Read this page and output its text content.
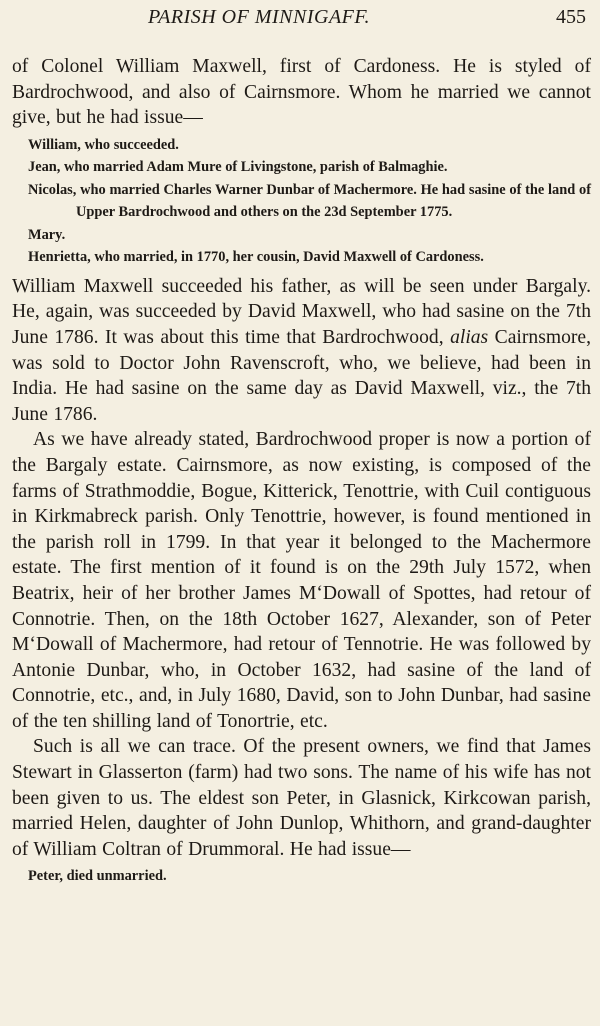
PARISH OF MINNIGAFF.	455

of Colonel William Maxwell, first of Cardoness. He is styled of Bardrochwood, and also of Cairnsmore. Whom he married we cannot give, but he had issue—

William, who succeeded.
Jean, who married Adam Mure of Livingstone, parish of Balmaghie.
Nicolas, who married Charles Warner Dunbar of Machermore. He had sasine of the land of Upper Bardrochwood and others on the 23d September 1775.
Mary.
Henrietta, who married, in 1770, her cousin, David Maxwell of Cardoness.

William Maxwell succeeded his father, as will be seen under Bargaly. He, again, was succeeded by David Maxwell, who had sasine on the 7th June 1786. It was about this time that Bardrochwood, alias Cairnsmore, was sold to Doctor John Ravenscroft, who, we believe, had been in India. He had sasine on the same day as David Maxwell, viz., the 7th June 1786.

As we have already stated, Bardrochwood proper is now a portion of the Bargaly estate. Cairnsmore, as now existing, is composed of the farms of Strathmoddie, Bogue, Kitterick, Tenottrie, with Cuil contiguous in Kirkmabreck parish. Only Tenottrie, however, is found mentioned in the parish roll in 1799. In that year it belonged to the Machermore estate. The first mention of it found is on the 29th July 1572, when Beatrix, heir of her brother James M‘Dowall of Spottes, had retour of Connotrie. Then, on the 18th October 1627, Alexander, son of Peter M‘Dowall of Machermore, had retour of Tennotrie. He was followed by Antonie Dunbar, who, in October 1632, had sasine of the land of Connotrie, etc., and, in July 1680, David, son to John Dunbar, had sasine of the ten shilling land of Tonortrie, etc.

Such is all we can trace. Of the present owners, we find that James Stewart in Glasserton (farm) had two sons. The name of his wife has not been given to us. The eldest son Peter, in Glasnick, Kirkcowan parish, married Helen, daughter of John Dunlop, Whithorn, and grand-daughter of William Coltran of Drummoral. He had issue—

Peter, died unmarried.
